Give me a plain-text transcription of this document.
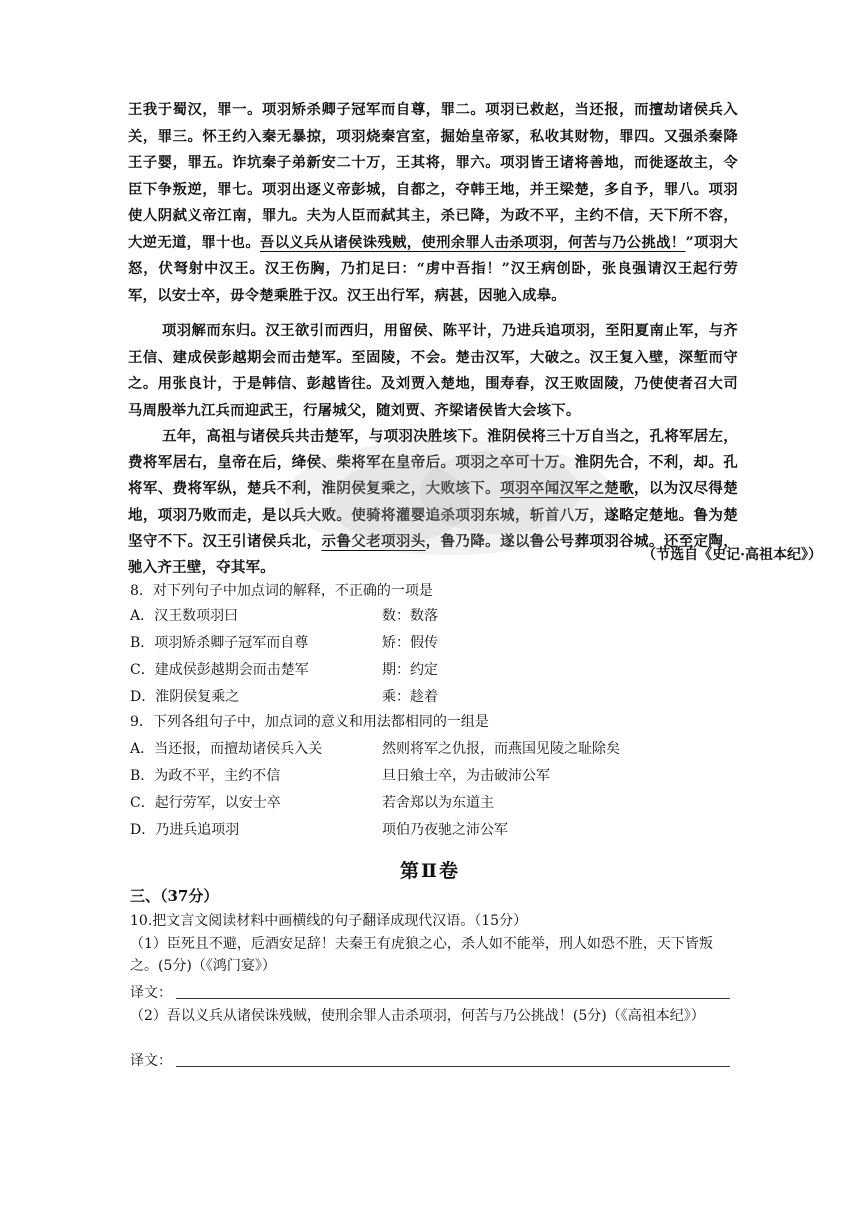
王我于蜀汉，罪一。项羽矫杀卿子冠军而自尊，罪二。项羽已救赵，当还报，而擅劫诸侯兵入关，罪三。怀王约入秦无暴掠，项羽烧秦宫室，掘始皇帝冢，私收其财物，罪四。又强杀秦降王子婴，罪五。诈坑秦子弟新安二十万，王其将，罪六。项羽皆王诸将善地，而徙逐故主，令臣下争叛逆，罪七。项羽出逐义帝彭城，自都之，夺韩王地，并王梁楚，多自予，罪八。项羽使人阴弑义帝江南，罪九。夫为人臣而弑其主，杀已降，为政不平，主约不信，天下所不容，大逆无道，罪十也。吾以义兵从诸侯诛残贼，使刑余罪人击杀项羽，何苦与乃公挑战！”项羽大怒，伏弩射中汉王。汉王伤胸，乃扪足曰：“虏中吾指！”汉王病创卧，张良强请汉王起行劳军，以安士卒，毋令楚乘胜于汉。汉王出行军，病甚，因驰入成皋。
项羽解而东归。汉王欲引而西归，用留侯、陈平计，乃进兵追项羽，至阳夏南止军，与齐王信、建成侯彭越期会而击楚军。至固陵，不会。楚击汉军，大破之。汉王复入壁，深堑而守之。用张良计，于是韩信、彭越皆往。及刘贾入楚地，围寿春，汉王败固陵，乃使使者召大司马周殷举九江兵而迎武王，行屠城父，随刘贾、齐梁诸侯皆大会垓下。
五年，高祖与诸侯兵共击楚军，与项羽决胜垓下。淮阴侯将三十万自当之，孔将军居左，费将军居右，皇帝在后，绛侯、柴将军在皇帝后。项羽之卒可十万。淮阴先合，不利，却。孔将军、费将军纵，楚兵不利，淮阴侯复乘之，大败垓下。项羽卒闻汉军之楚歌，以为汉尽得楚地，项羽乃败而走，是以兵大败。使骑将灌婴追杀项羽东城，斩首八万，遂略定楚地。鲁为楚坚守不下。汉王引诸侯兵北，示鲁父老项羽头，鲁乃降。遂以鲁公号葬项羽谷城。还至定陶，驰入齐王壁，夺其军。
（节选自《史记·高祖本纪》）
8．对下列句子中加点词的解释，不正确的一项是
A．汉王数项羽曰	数：数落
B．项羽矫杀卿子冠军而自尊	矫：假传
C．建成侯彭越期会而击楚军	期：约定
D．淮阴侯复乘之	乘：趁着
9．下列各组句子中，加点词的意义和用法都相同的一组是
A．当还报，而擅劫诸侯兵入关	然则将军之仇报，而燕国见陵之耻除矣
B．为政不平，主约不信	旦日飨士卒，为击破沛公军
C．起行劳军，以安士卒	若舍郑以为东道主
D．乃进兵追项羽	项伯乃夜驰之沛公军
第Ⅱ卷
三、（37分）
10.把文言文阅读材料中画横线的句子翻译成现代汉语。（15分）
（1）臣死且不避，卮酒安足辞！夫秦王有虎狼之心，杀人如不能举，刑人如恐不胜，天下皆叛之。(5分)（《鸿门宴》）
译文：
（2）吾以义兵从诸侯诛残贼，使刑余罪人击杀项羽，何苦与乃公挑战！(5分)（《高祖本纪》）
译文：
